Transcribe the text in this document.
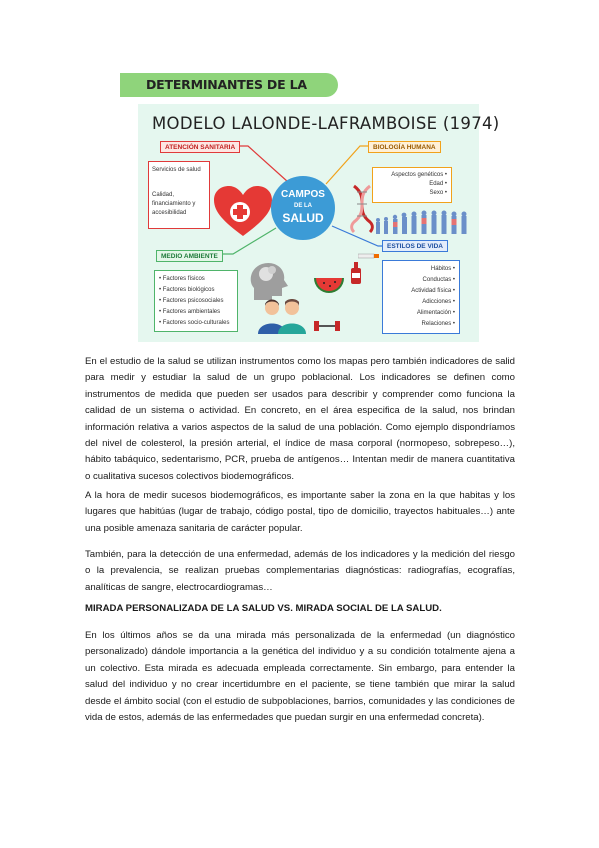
DETERMINANTES DE LA
MODELO LALONDE-LAFRAMBOISE (1974)
ATENCIÓN SANITARIA
Servicios de salud
Calidad, financiamiento y accesibilidad
CAMPOS
DE LA
SALUD
BIOLOGÍA HUMANA
Aspectos genéticos •
Edad •
Sexo •
MEDIO AMBIENTE
• Factores físicos
• Factores biológicos
• Factores psicosociales
• Factores ambientales
• Factores socio-culturales
ESTILOS DE VIDA
Hábitos •
Conductas •
Actividad física •
Adicciones •
Alimentación •
Relaciones •

En el estudio de la salud se utilizan instrumentos como los mapas pero también indicadores de salid para medir y estudiar la salud de un grupo poblacional. Los indicadores se definen como instrumentos de medida que pueden ser usados para describir y comprender como funciona la calidad de un sistema o actividad. En concreto, en el área especifica de la salud, nos brindan información relativa a varios aspectos de la salud de una población. Como ejemplo dispondríamos del nivel de colesterol, la presión arterial, el índice de masa corporal (normopeso, sobrepeso…), hábito tabáquico, sedentarismo, PCR, prueba de antígenos… Intentan medir de manera cuantitativa o cualitativa sucesos colectivos biodemográficos.

A la hora de medir sucesos biodemográficos, es importante saber la zona en la que habitas y los lugares que habitúas (lugar de trabajo, código postal, tipo de domicilio, trayectos habituales…) ante una posible amenaza sanitaria de carácter popular.

También, para la detección de una enfermedad, además de los indicadores y la medición del riesgo o la prevalencia, se realizan pruebas complementarias diagnósticas: radiografías, ecografías, analíticas de sangre, electrocardiogramas…

MIRADA PERSONALIZADA DE LA SALUD VS. MIRADA SOCIAL DE LA SALUD.

En los últimos años se da una mirada más personalizada de la enfermedad (un diagnóstico personalizado) dándole importancia a la genética del individuo y a su condición totalmente ajena a un colectivo. Esta mirada es adecuada empleada correctamente. Sin embargo, para entender la salud del individuo y no crear incertidumbre en el paciente, se tiene también que mirar la salud desde el ámbito social (con el estudio de subpoblaciones, barrios, comunidades y las condiciones de vida de estos, además de las enfermedades que puedan surgir en una enfermedad concreta).
